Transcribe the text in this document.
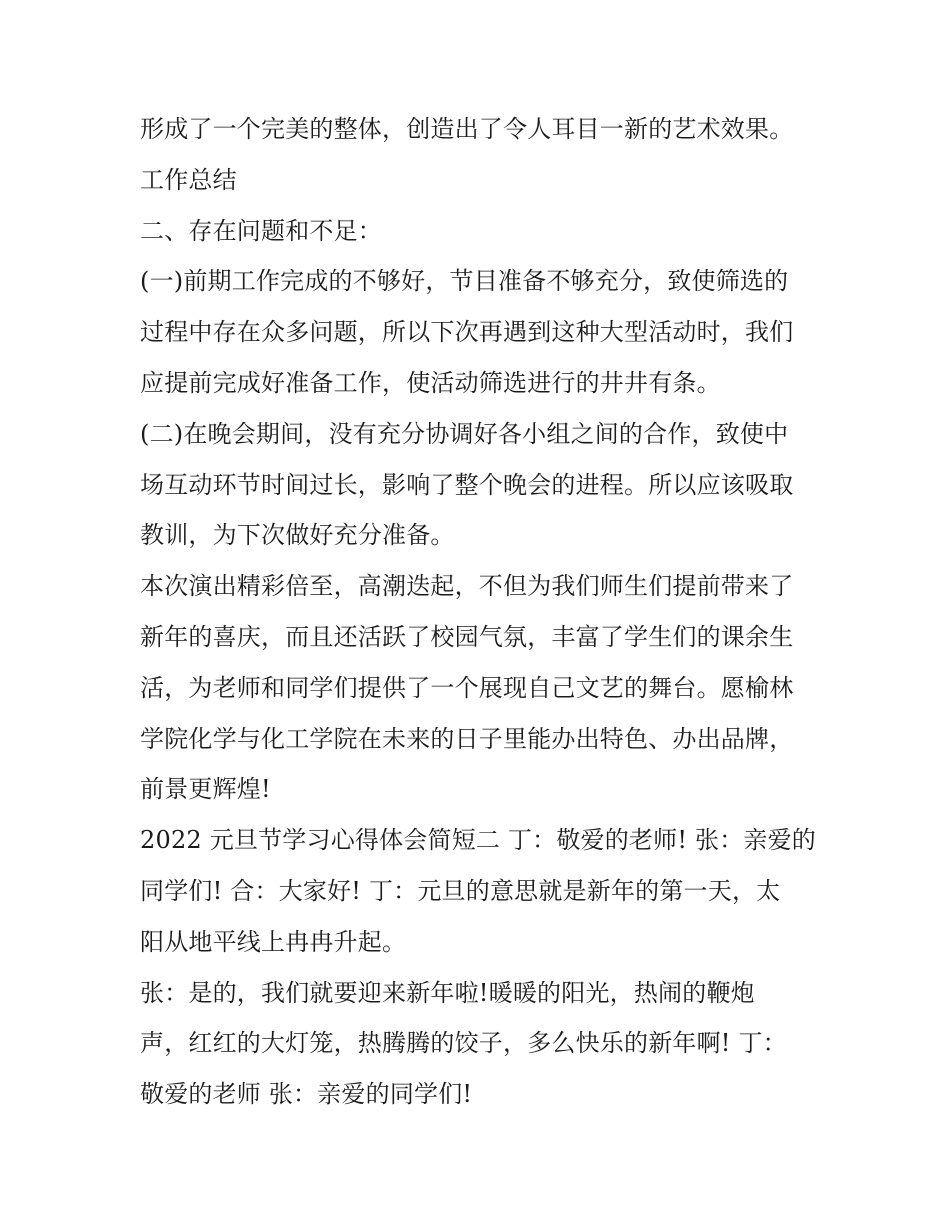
形成了一个完美的整体，创造出了令人耳目一新的艺术效果。
工作总结
二、存在问题和不足：
(一)前期工作完成的不够好，节目准备不够充分，致使筛选的
过程中存在众多问题，所以下次再遇到这种大型活动时，我们
应提前完成好准备工作，使活动筛选进行的井井有条。
(二)在晚会期间，没有充分协调好各小组之间的合作，致使中
场互动环节时间过长，影响了整个晚会的进程。所以应该吸取
教训，为下次做好充分准备。
本次演出精彩倍至，高潮迭起，不但为我们师生们提前带来了
新年的喜庆，而且还活跃了校园气氛，丰富了学生们的课余生
活，为老师和同学们提供了一个展现自己文艺的舞台。愿榆林
学院化学与化工学院在未来的日子里能办出特色、办出品牌，
前景更辉煌!
2022 元旦节学习心得体会简短二 丁：敬爱的老师! 张：亲爱的
同学们! 合：大家好! 丁：元旦的意思就是新年的第一天，太
阳从地平线上冉冉升起。
张：是的，我们就要迎来新年啦!暖暖的阳光，热闹的鞭炮
声，红红的大灯笼，热腾腾的饺子，多么快乐的新年啊! 丁：
敬爱的老师 张：亲爱的同学们!
